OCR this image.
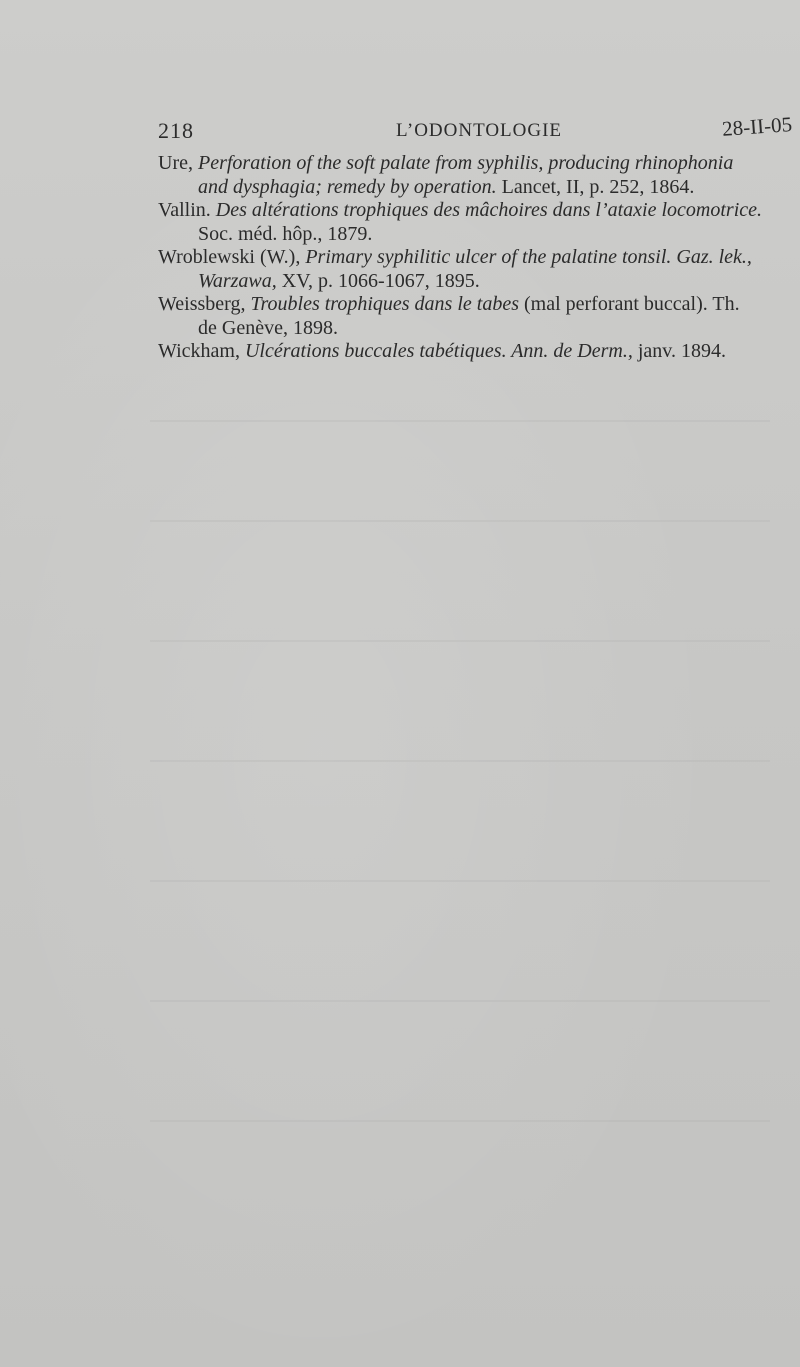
218	L’ODONTOLOGIE	28-II-05
Ure, Perforation of the soft palate from syphilis, producing rhinophonia
and dysphagia; remedy by operation. Lancet, II, p. 252, 1864.
Vallin. Des altérations trophiques des mâchoires dans l’ataxie locomotrice.
Soc. méd. hôp., 1879.
Wroblewski (W.), Primary syphilitic ulcer of the palatine tonsil. Gaz. lek.,
Warzawa, XV, p. 1066-1067, 1895.
Weissberg, Troubles trophiques dans le tabes (mal perforant buccal). Th.
de Genève, 1898.
Wickham, Ulcérations buccales tabétiques. Ann. de Derm., janv. 1894.
